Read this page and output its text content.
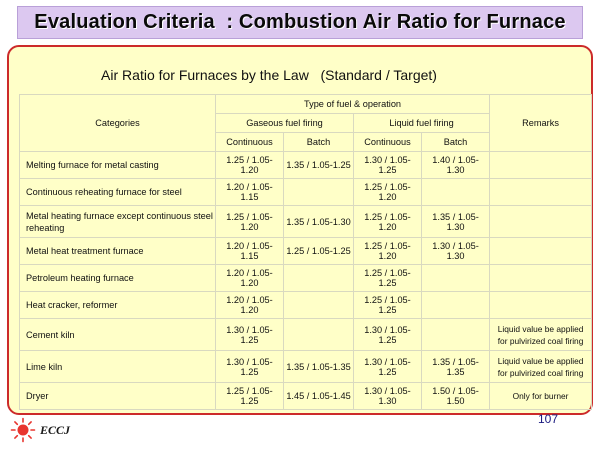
Evaluation Criteria  : Combustion Air Ratio for Furnace
Air Ratio for Furnaces by the Law   (Standard / Target)
Categories	Type of fuel & operation				Remarks
	Gaseous fuel firing		Liquid fuel firing		
	Continuous	Batch	Continuous	Batch	
Melting furnace for metal casting	1.25 / 1.05-1.20	1.35 / 1.05-1.25	1.30 / 1.05-1.25	1.40 / 1.05-1.30	
Continuous reheating furnace for steel	1.20 / 1.05-1.15		1.25 / 1.05-1.20		
Metal heating furnace except continuous steel reheating	1.25 / 1.05-1.20	1.35 / 1.05-1.30	1.25 / 1.05-1.20	1.35 / 1.05-1.30	
Metal heat treatment furnace	1.20 / 1.05-1.15	1.25 / 1.05-1.25	1.25 / 1.05-1.20	1.30 / 1.05-1.30	
Petroleum heating furnace	1.20 / 1.05-1.20		1.25 / 1.05-1.25		
Heat cracker, reformer	1.20 / 1.05-1.20		1.25 / 1.05-1.25		
Cement kiln	1.30 / 1.05-1.25		1.30 / 1.05-1.25		Liquid value be applied for pulvirized coal firing
Lime kiln	1.30 / 1.05-1.25	1.35 / 1.05-1.35	1.30 / 1.05-1.25	1.35 / 1.05-1.35	Liquid value be applied for pulvirized coal firing
Dryer	1.25 / 1.05-1.25	1.45 / 1.05-1.45	1.30 / 1.05-1.30	1.50 / 1.05-1.50	Only for burner
107
ECCJ
